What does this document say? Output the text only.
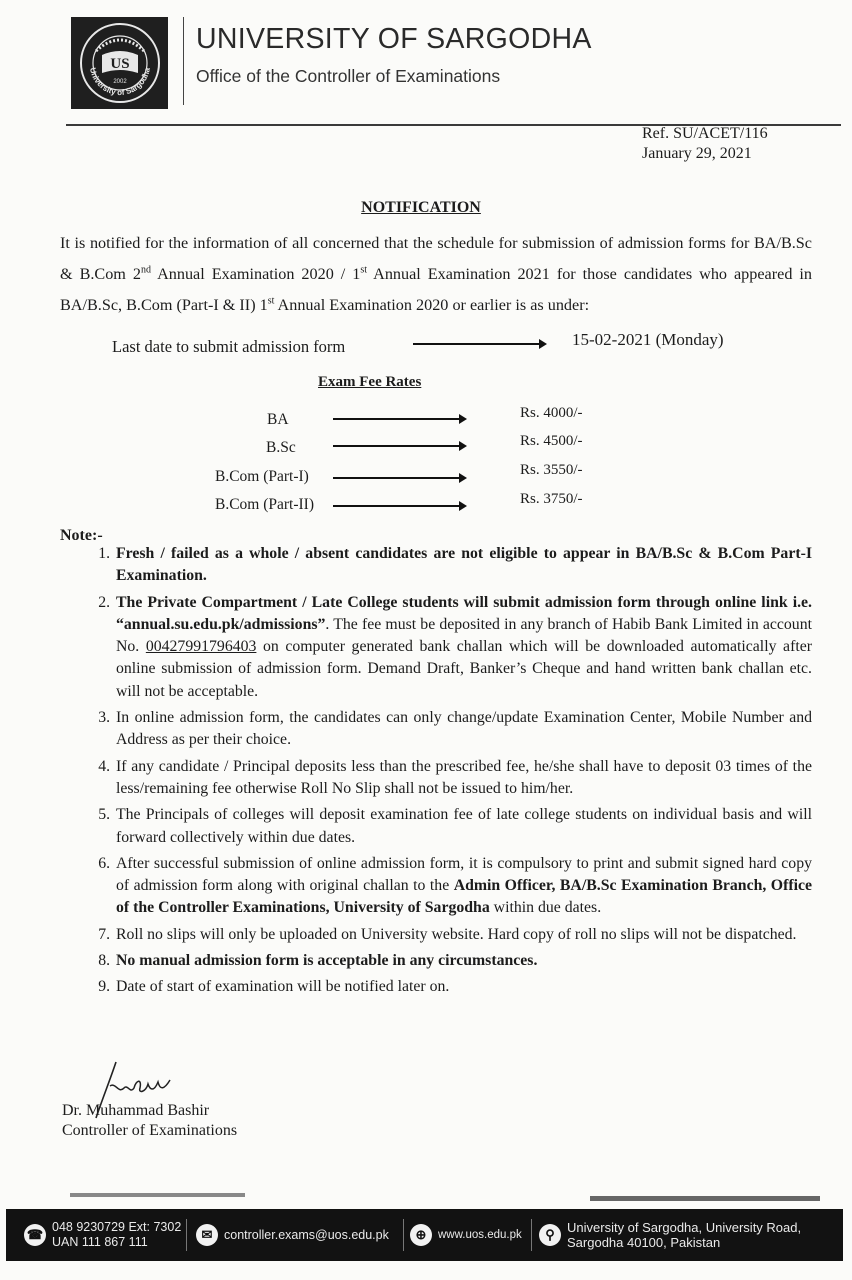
US
2002
University of Sargodha
UNIVERSITY OF SARGODHA
Office of the Controller of Examinations
Ref. SU/ACET/116
January 29, 2021
NOTIFICATION

It is notified for the information of all concerned that the schedule for submission of admission forms for BA/B.Sc & B.Com 2nd Annual Examination 2020 / 1st Annual Examination 2021 for those candidates who appeared in BA/B.Sc, B.Com (Part-I & II) 1st Annual Examination 2020 or earlier is as under:

Last date to submit admission form	15-02-2021 (Monday)
Exam Fee Rates
BA	Rs. 4000/-
B.Sc	Rs. 4500/-
B.Com (Part-I)	Rs. 3550/-
B.Com (Part-II)	Rs. 3750/-
Note:-
1. Fresh / failed as a whole / absent candidates are not eligible to appear in BA/B.Sc & B.Com Part-I Examination.
2. The Private Compartment / Late College students will submit admission form through online link i.e. “annual.su.edu.pk/admissions”. The fee must be deposited in any branch of Habib Bank Limited in account No. 00427991796403 on computer generated bank challan which will be downloaded automatically after online submission of admission form. Demand Draft, Banker’s Cheque and hand written bank challan etc. will not be acceptable.
3. In online admission form, the candidates can only change/update Examination Center, Mobile Number and Address as per their choice.
4. If any candidate / Principal deposits less than the prescribed fee, he/she shall have to deposit 03 times of the less/remaining fee otherwise Roll No Slip shall not be issued to him/her.
5. The Principals of colleges will deposit examination fee of late college students on individual basis and will forward collectively within due dates.
6. After successful submission of online admission form, it is compulsory to print and submit signed hard copy of admission form along with original challan to the Admin Officer, BA/B.Sc Examination Branch, Office of the Controller Examinations, University of Sargodha within due dates.
7. Roll no slips will only be uploaded on University website. Hard copy of roll no slips will not be dispatched.
8. No manual admission form is acceptable in any circumstances.
9. Date of start of examination will be notified later on.
Dr. Muhammad Bashir
Controller of Examinations
☎ 048 9230729 Ext: 7302
UAN 111 867 111	✉ controller.exams@uos.edu.pk	⊕	www.uos.edu.pk	⚲ University of Sargodha, University Road,
Sargodha 40100, Pakistan
